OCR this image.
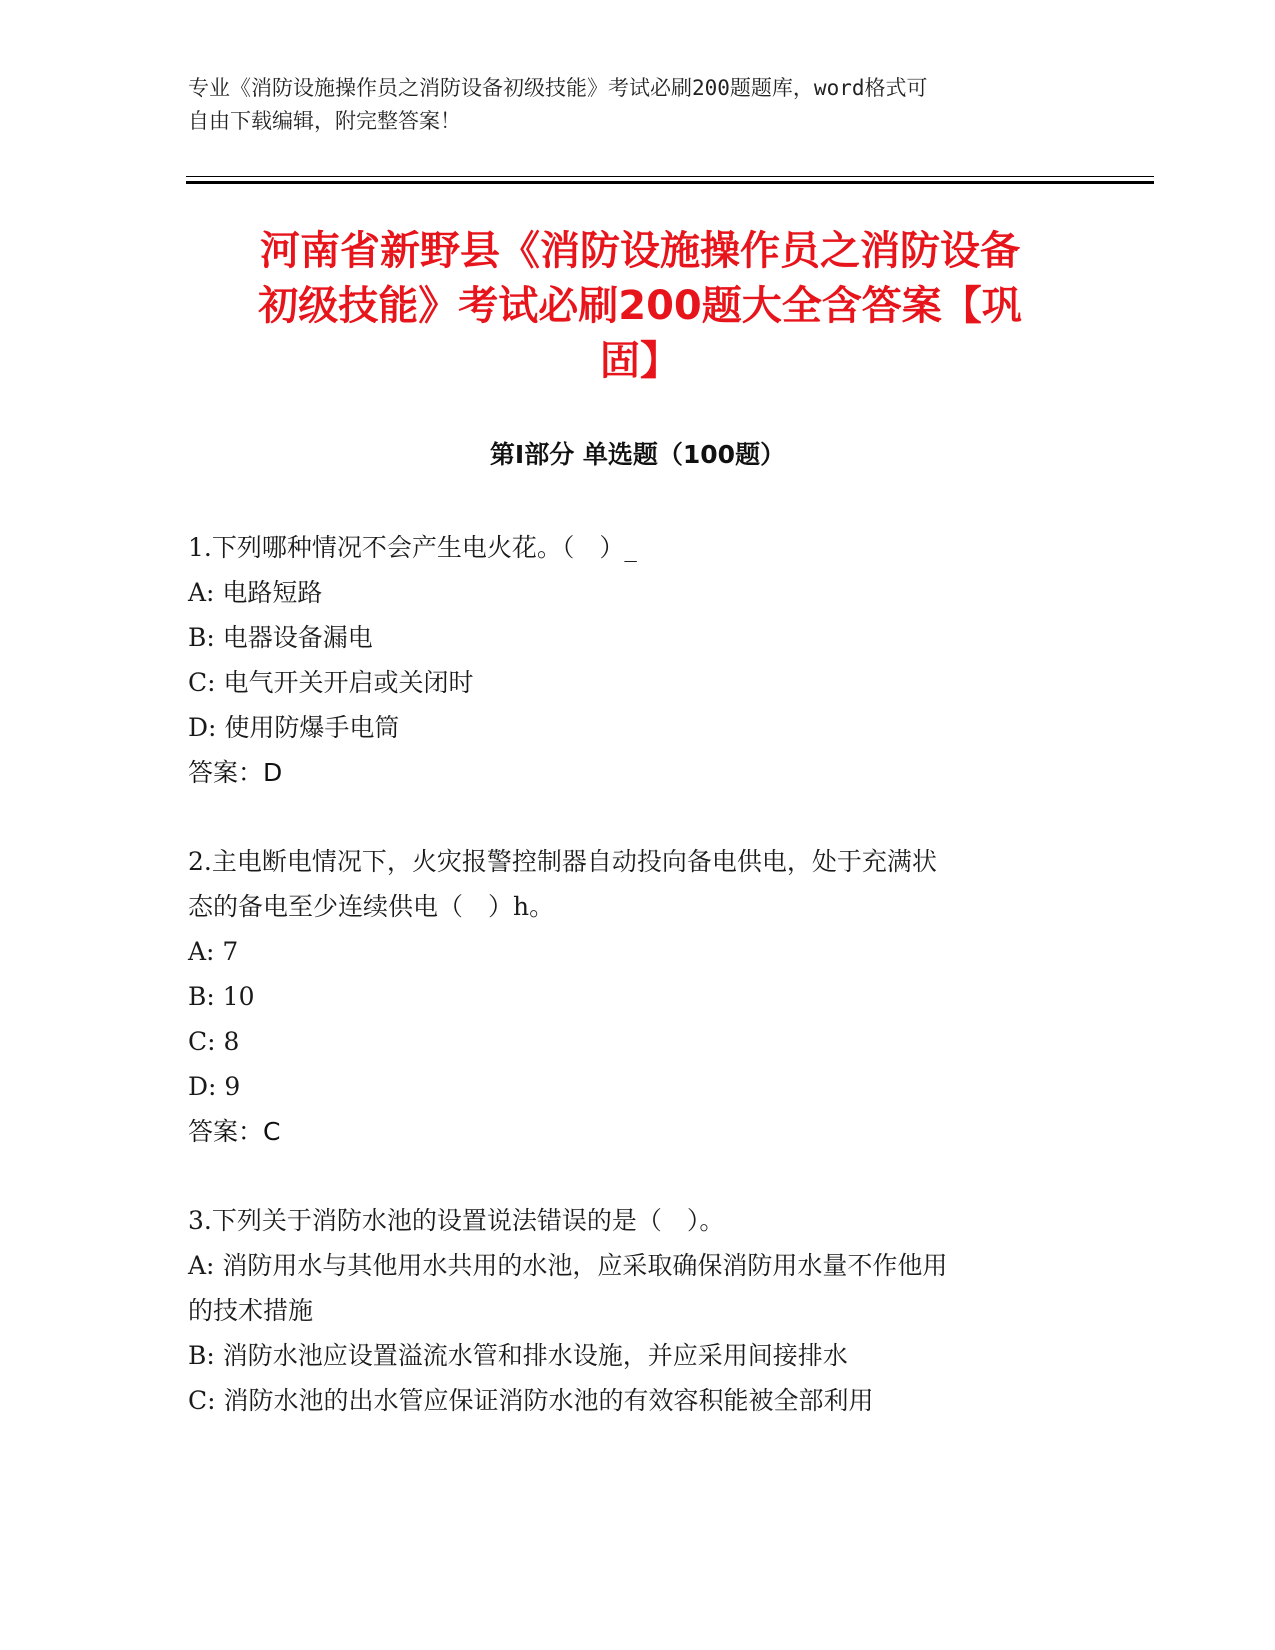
专业《消防设施操作员之消防设备初级技能》考试必刷200题题库，word格式可
自由下载编辑，附完整答案！
河南省新野县《消防设施操作员之消防设备
初级技能》考试必刷200题大全含答案【巩
固】
第Ⅰ部分 单选题（100题）
1.下列哪种情况不会产生电火花。（　）_
A: 电路短路
B: 电器设备漏电
C: 电气开关开启或关闭时
D: 使用防爆手电筒
答案：D
2.主电断电情况下，火灾报警控制器自动投向备电供电，处于充满状
态的备电至少连续供电（　）h。
A: 7
B: 10
C: 8
D: 9
答案：C
3.下列关于消防水池的设置说法错误的是（　）。
A: 消防用水与其他用水共用的水池，应采取确保消防用水量不作他用
的技术措施
B: 消防水池应设置溢流水管和排水设施，并应采用间接排水
C: 消防水池的出水管应保证消防水池的有效容积能被全部利用
